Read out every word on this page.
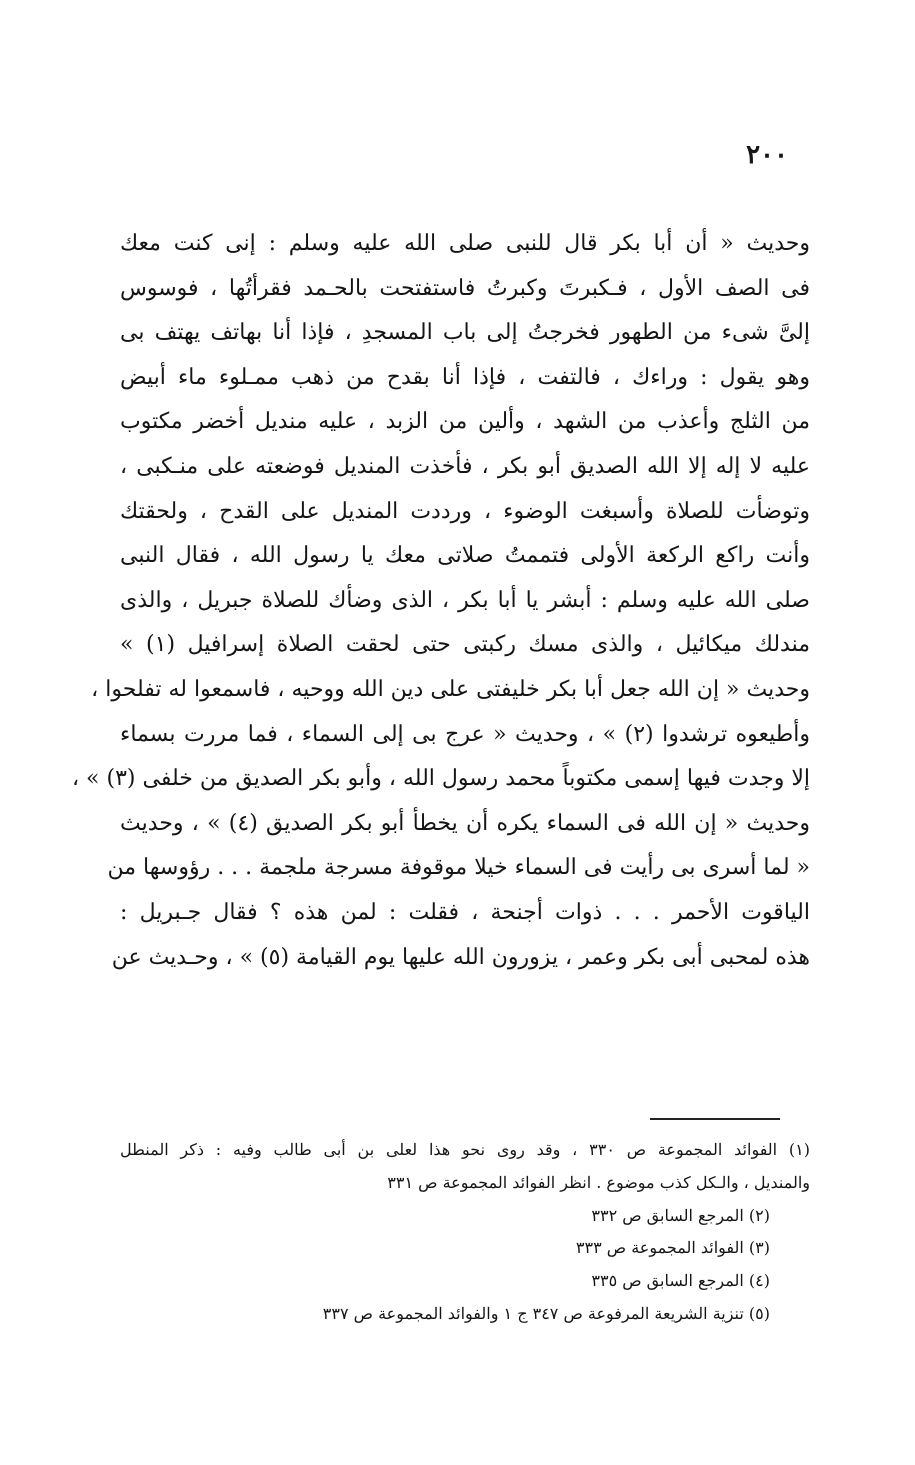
٢٠٠
وحديث « أن أبا بكر قال للنبى صلى الله عليه وسلم : إنى كنت معك
فى الصف الأول ، فـكبرتَ وكبرتُ فاستفتحت بالحـمد فقرأتُها ، فوسوس
إلىَّ شىء من الطهور فخرجتُ إلى باب المسجدِ ، فإذا أنا بهاتف يهتف بى
وهو يقول : وراءك ، فالتفت ، فإذا أنا بقدح من ذهب ممـلوء ماء أبيض
من الثلج وأعذب من الشهد ، وألين من الزبد ، عليه منديل أخضر مكتوب
عليه لا إله إلا الله الصديق أبو بكر ، فأخذت المنديل فوضعته على منـكبى ،
وتوضأت للصلاة وأسبغت الوضوء ، ورددت المنديل على القدح ، ولحقتك
وأنت راكع الركعة الأولى فتممتُ صلاتى معك يا رسول الله ، فقال النبى
صلى الله عليه وسلم : أبشر يا أبا بكر ، الذى وضأك للصلاة جبريل ، والذى
مندلك ميكائيل ، والذى مسك ركبتى حتى لحقت الصلاة إسرافيل (١) »
وحديث « إن الله جعل أبا بكر خليفتى على دين الله ووحيه ، فاسمعوا له تفلحوا ،
وأطيعوه ترشدوا (٢) » ، وحديث « عرج بى إلى السماء ، فما مررت بسماء
إلا وجدت فيها إسمى مكتوباً محمد رسول الله ، وأبو بكر الصديق من خلفى (٣) » ،
وحديث « إن الله فى السماء يكره أن يخطأ أبو بكر الصديق (٤) » ، وحديث
« لما أسرى بى رأيت فى السماء خيلا موقوفة مسرجة ملجمة . . . رؤوسها من
الياقوت الأحمر . . . ذوات أجنحة ، فقلت : لمن هذه ؟ فقال جـبريل :
هذه لمحبى أبى بكر وعمر ، يزورون الله عليها يوم القيامة (٥) » ، وحـديث عن
(١) الفوائد المجموعة ص ٣٣٠ ، وقد روى نحو هذا لعلى بن أبى طالب وفيه : ذكر المنطل
والمنديل ، والـكل كذب موضوع . انظر الفوائد المجموعة ص ٣٣١
(٢) المرجع السابق ص ٣٣٢
(٣) الفوائد المجموعة ص ٣٣٣
(٤) المرجع السابق ص ٣٣٥
(٥) تنزية الشريعة المرفوعة ص ٣٤٧ ج ١ والفوائد المجموعة ص ٣٣٧
